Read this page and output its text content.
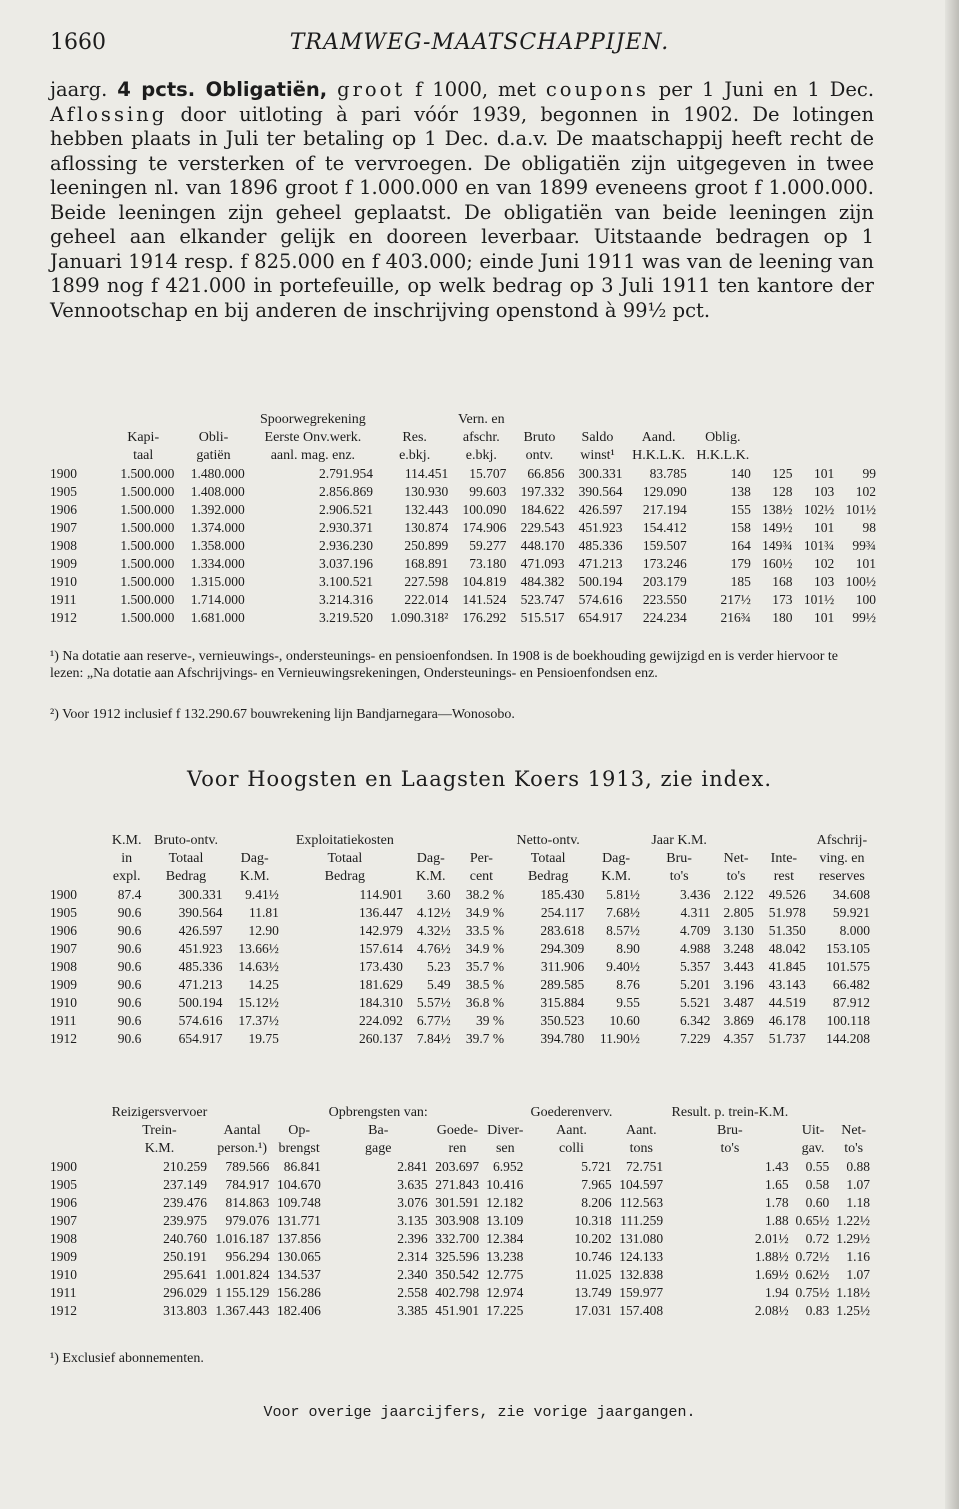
1660	TRAMWEG-MAATSCHAPPIJEN.

jaarg. 4 pcts. Obligatiën, groot f 1000, met coupons per 1 Juni en 1 Dec. Aflossing door uitloting à pari vóór 1939, begonnen in 1902. De lotingen hebben plaats in Juli ter betaling op 1 Dec. d.a.v. De maatschappij heeft recht de aflossing te versterken of te vervroegen. De obligatiën zijn uitgegeven in twee leeningen nl. van 1896 groot f 1.000.000 en van 1899 eveneens groot f 1.000.000. Beide leeningen zijn geheel geplaatst. De obligatiën van beide leeningen zijn geheel aan elkander gelijk en dooreen leverbaar. Uitstaande bedragen op 1 Januari 1914 resp. f 825.000 en f 403.000; einde Juni 1911 was van de leening van 1899 nog f 421.000 in portefeuille, op welk bedrag op 3 Juli 1911 ten kantore der Vennootschap en bij anderen de inschrijving openstond à 99½ pct.

			Spoorwegrekening		Vern. en							
	Kapi-	Obli-	Eerste Onv.werk.	Res.	afschr.	Bruto	Saldo	Aand.	Oblig.			
	taal	gatiën	aanl. mag. enz.	e.bkj.	e.bkj.	ontv.	winst¹	H.K.L.K.	H.K.L.K.			
1900	1.500.000	1.480.000	2.791.954	114.451	15.707	66.856	300.331	83.785	140	125	101	99
1905	1.500.000	1.408.000	2.856.869	130.930	99.603	197.332	390.564	129.090	138	128	103	102
1906	1.500.000	1.392.000	2.906.521	132.443	100.090	184.622	426.597	217.194	155	138½	102½	101½
1907	1.500.000	1.374.000	2.930.371	130.874	174.906	229.543	451.923	154.412	158	149½	101	98
1908	1.500.000	1.358.000	2.936.230	250.899	59.277	448.170	485.336	159.507	164	149¾	101¾	99¾
1909	1.500.000	1.334.000	3.037.196	168.891	73.180	471.093	471.213	173.246	179	160½	102	101
1910	1.500.000	1.315.000	3.100.521	227.598	104.819	484.382	500.194	203.179	185	168	103	100½
1911	1.500.000	1.714.000	3.214.316	222.014	141.524	523.747	574.616	223.550	217½	173	101½	100
1912	1.500.000	1.681.000	3.219.520	1.090.318²	176.292	515.517	654.917	224.234	216¾	180	101	99½
¹) Na dotatie aan reserve-, vernieuwings-, ondersteunings- en pensioenfondsen. In 1908 is de boekhouding gewijzigd en is verder hiervoor te lezen: „Na dotatie aan Afschrijvings- en Vernieuwingsrekeningen, Ondersteunings- en Pensioenfondsen enz.
²) Voor 1912 inclusief f 132.290.67 bouwrekening lijn Bandjarnegara—Wonosobo.
Voor Hoogsten en Laagsten Koers 1913, zie index.
	K.M.	Bruto-ontv.		Exploitatiekosten			Netto-ontv.		Jaar K.M.			Afschrij-
	in	Totaal	Dag-	Totaal	Dag-	Per-	Totaal	Dag-	Bru-	Net-	Inte-	ving. en
	expl.	Bedrag	K.M.	Bedrag	K.M.	cent	Bedrag	K.M.	to's	to's	rest	reserves
1900	87.4	300.331	9.41½	114.901	3.60	38.2 %	185.430	5.81½	3.436	2.122	49.526	34.608
1905	90.6	390.564	11.81	136.447	4.12½	34.9 %	254.117	7.68½	4.311	2.805	51.978	59.921
1906	90.6	426.597	12.90	142.979	4.32½	33.5 %	283.618	8.57½	4.709	3.130	51.350	8.000
1907	90.6	451.923	13.66½	157.614	4.76½	34.9 %	294.309	8.90	4.988	3.248	48.042	153.105
1908	90.6	485.336	14.63½	173.430	5.23	35.7 %	311.906	9.40½	5.357	3.443	41.845	101.575
1909	90.6	471.213	14.25	181.629	5.49	38.5 %	289.585	8.76	5.201	3.196	43.143	66.482
1910	90.6	500.194	15.12½	184.310	5.57½	36.8 %	315.884	9.55	5.521	3.487	44.519	87.912
1911	90.6	574.616	17.37½	224.092	6.77½	39 %	350.523	10.60	6.342	3.869	46.178	100.118
1912	90.6	654.917	19.75	260.137	7.84½	39.7 %	394.780	11.90½	7.229	4.357	51.737	144.208
	Reizigersvervoer			Opbrengsten van:			Goederenverv.		Result. p. trein-K.M.		
	Trein-	Aantal	Op-	Ba-	Goede-	Diver-	Aant.	Aant.	Bru-	Uit-	Net-
	K.M.	person.¹)	brengst	gage	ren	sen	colli	tons	to's	gav.	to's
1900	210.259	789.566	86.841	2.841	203.697	6.952	5.721	72.751	1.43	0.55	0.88
1905	237.149	784.917	104.670	3.635	271.843	10.416	7.965	104.597	1.65	0.58	1.07
1906	239.476	814.863	109.748	3.076	301.591	12.182	8.206	112.563	1.78	0.60	1.18
1907	239.975	979.076	131.771	3.135	303.908	13.109	10.318	111.259	1.88	0.65½	1.22½
1908	240.760	1.016.187	137.856	2.396	332.700	12.384	10.202	131.080	2.01½	0.72	1.29½
1909	250.191	956.294	130.065	2.314	325.596	13.238	10.746	124.133	1.88½	0.72½	1.16
1910	295.641	1.001.824	134.537	2.340	350.542	12.775	11.025	132.838	1.69½	0.62½	1.07
1911	296.029	1 155.129	156.286	2.558	402.798	12.974	13.749	159.977	1.94	0.75½	1.18½
1912	313.803	1.367.443	182.406	3.385	451.901	17.225	17.031	157.408	2.08½	0.83	1.25½
¹) Exclusief abonnementen.
Voor overige jaarcijfers, zie vorige jaargangen.
